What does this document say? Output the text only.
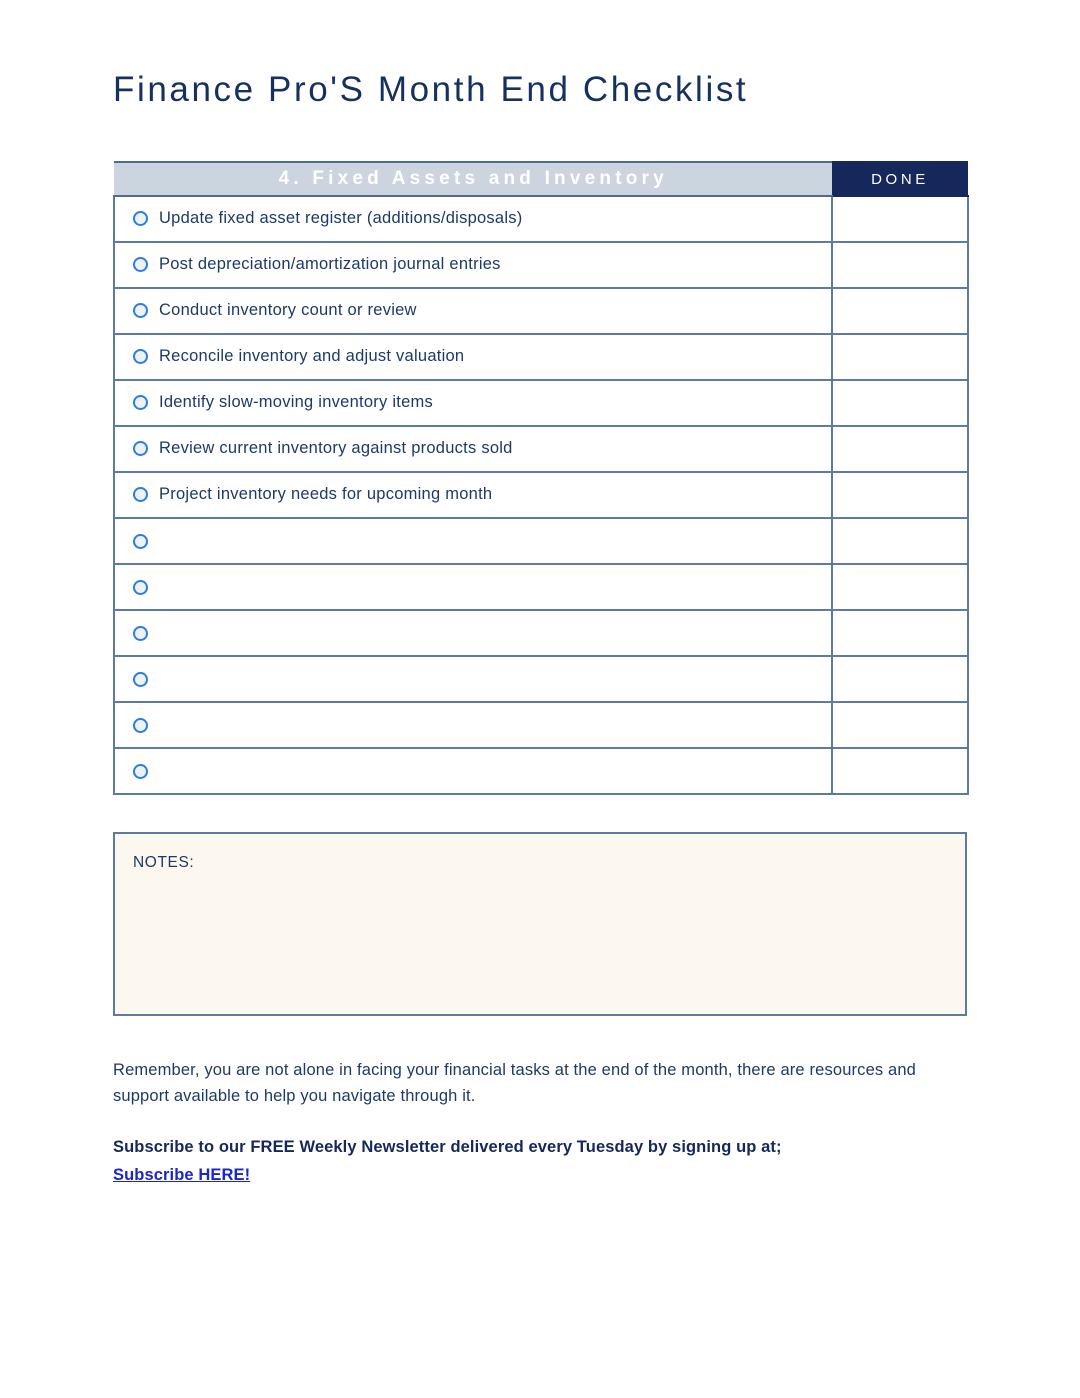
Finance Pro'S Month End Checklist
4. Fixed Assets and Inventory	DONE

Update fixed asset register (additions/disposals)	

Post depreciation/amortization journal entries	

Conduct inventory count or review	

Reconcile inventory and adjust valuation	

Identify slow-moving inventory items	

Review current inventory against products sold	

Project inventory needs for upcoming month	

NOTES:

Remember, you are not alone in facing your financial tasks at the end of the month, there are resources and support available to help you navigate through it.

Subscribe to our FREE Weekly Newsletter delivered every Tuesday by signing up at;
Subscribe HERE!
